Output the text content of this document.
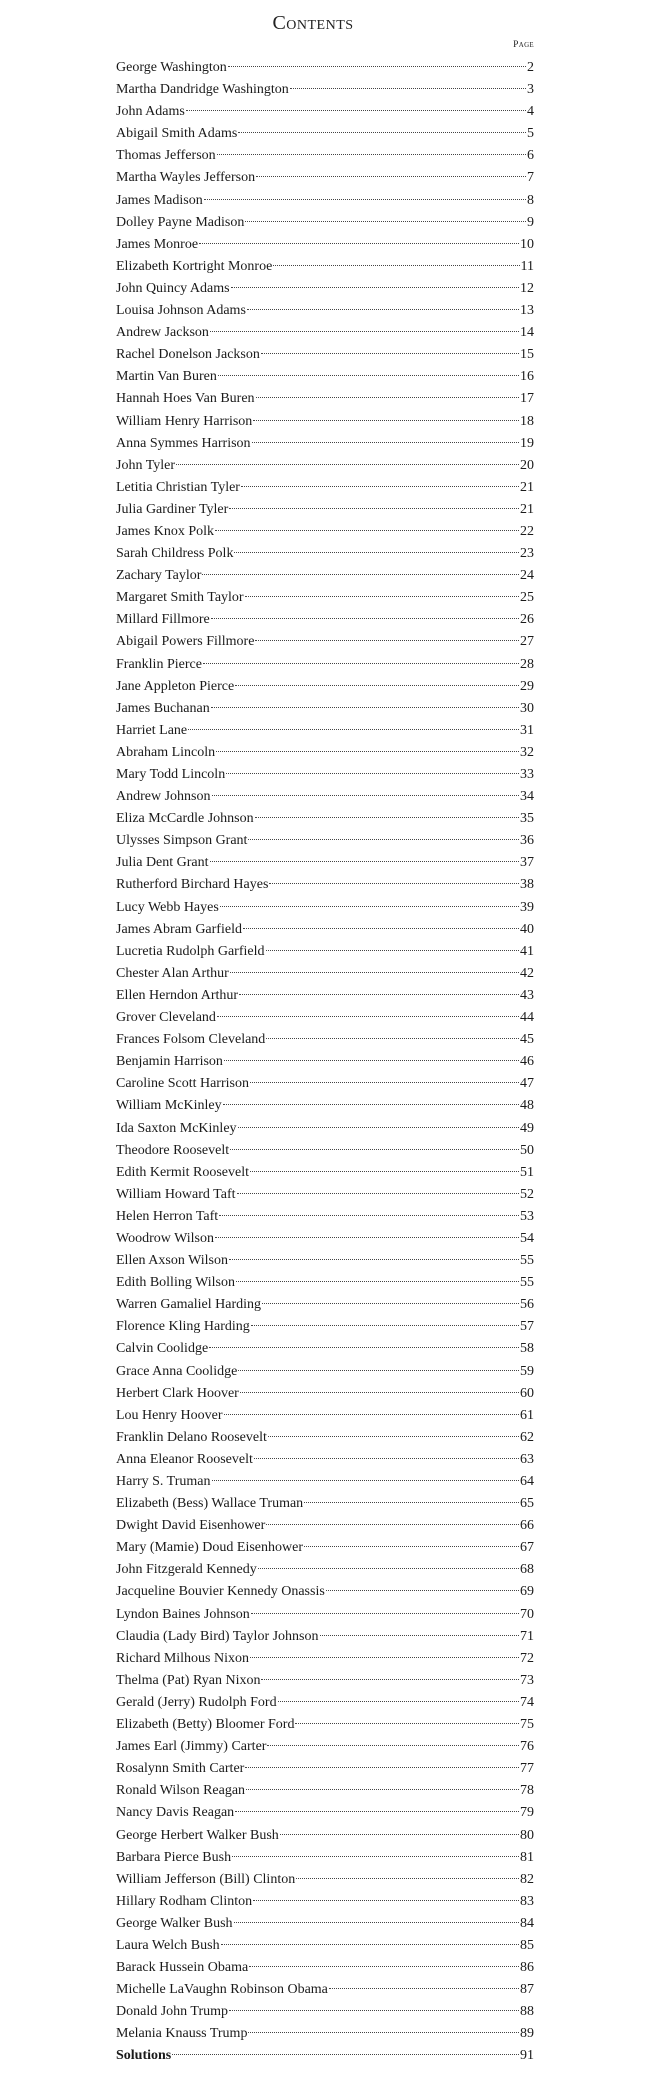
Contents
Page
George Washington	2
Martha Dandridge Washington	3
John Adams	4
Abigail Smith Adams	5
Thomas Jefferson	6
Martha Wayles Jefferson	7
James Madison	8
Dolley Payne Madison	9
James Monroe	10
Elizabeth Kortright Monroe	11
John Quincy Adams	12
Louisa Johnson Adams	13
Andrew Jackson	14
Rachel Donelson Jackson	15
Martin Van Buren	16
Hannah Hoes Van Buren	17
William Henry Harrison	18
Anna Symmes Harrison	19
John Tyler	20
Letitia Christian Tyler	21
Julia Gardiner Tyler	21
James Knox Polk	22
Sarah Childress Polk	23
Zachary Taylor	24
Margaret Smith Taylor	25
Millard Fillmore	26
Abigail Powers Fillmore	27
Franklin Pierce	28
Jane Appleton Pierce	29
James Buchanan	30
Harriet Lane	31
Abraham Lincoln	32
Mary Todd Lincoln	33
Andrew Johnson	34
Eliza McCardle Johnson	35
Ulysses Simpson Grant	36
Julia Dent Grant	37
Rutherford Birchard Hayes	38
Lucy Webb Hayes	39
James Abram Garfield	40
Lucretia Rudolph Garfield	41
Chester Alan Arthur	42
Ellen Herndon Arthur	43
Grover Cleveland	44
Frances Folsom Cleveland	45
Benjamin Harrison	46
Caroline Scott Harrison	47
William McKinley	48
Ida Saxton McKinley	49
Theodore Roosevelt	50
Edith Kermit Roosevelt	51
William Howard Taft	52
Helen Herron Taft	53
Woodrow Wilson	54
Ellen Axson Wilson	55
Edith Bolling Wilson	55
Warren Gamaliel Harding	56
Florence Kling Harding	57
Calvin Coolidge	58
Grace Anna Coolidge	59
Herbert Clark Hoover	60
Lou Henry Hoover	61
Franklin Delano Roosevelt	62
Anna Eleanor Roosevelt	63
Harry S. Truman	64
Elizabeth (Bess) Wallace Truman	65
Dwight David Eisenhower	66
Mary (Mamie) Doud Eisenhower	67
John Fitzgerald Kennedy	68
Jacqueline Bouvier Kennedy Onassis	69
Lyndon Baines Johnson	70
Claudia (Lady Bird) Taylor Johnson	71
Richard Milhous Nixon	72
Thelma (Pat) Ryan Nixon	73
Gerald (Jerry) Rudolph Ford	74
Elizabeth (Betty) Bloomer Ford	75
James Earl (Jimmy) Carter	76
Rosalynn Smith Carter	77
Ronald Wilson Reagan	78
Nancy Davis Reagan	79
George Herbert Walker Bush	80
Barbara Pierce Bush	81
William Jefferson (Bill) Clinton	82
Hillary Rodham Clinton	83
George Walker Bush	84
Laura Welch Bush	85
Barack Hussein Obama	86
Michelle LaVaughn Robinson Obama	87
Donald John Trump	88
Melania Knauss Trump	89
Solutions	91
